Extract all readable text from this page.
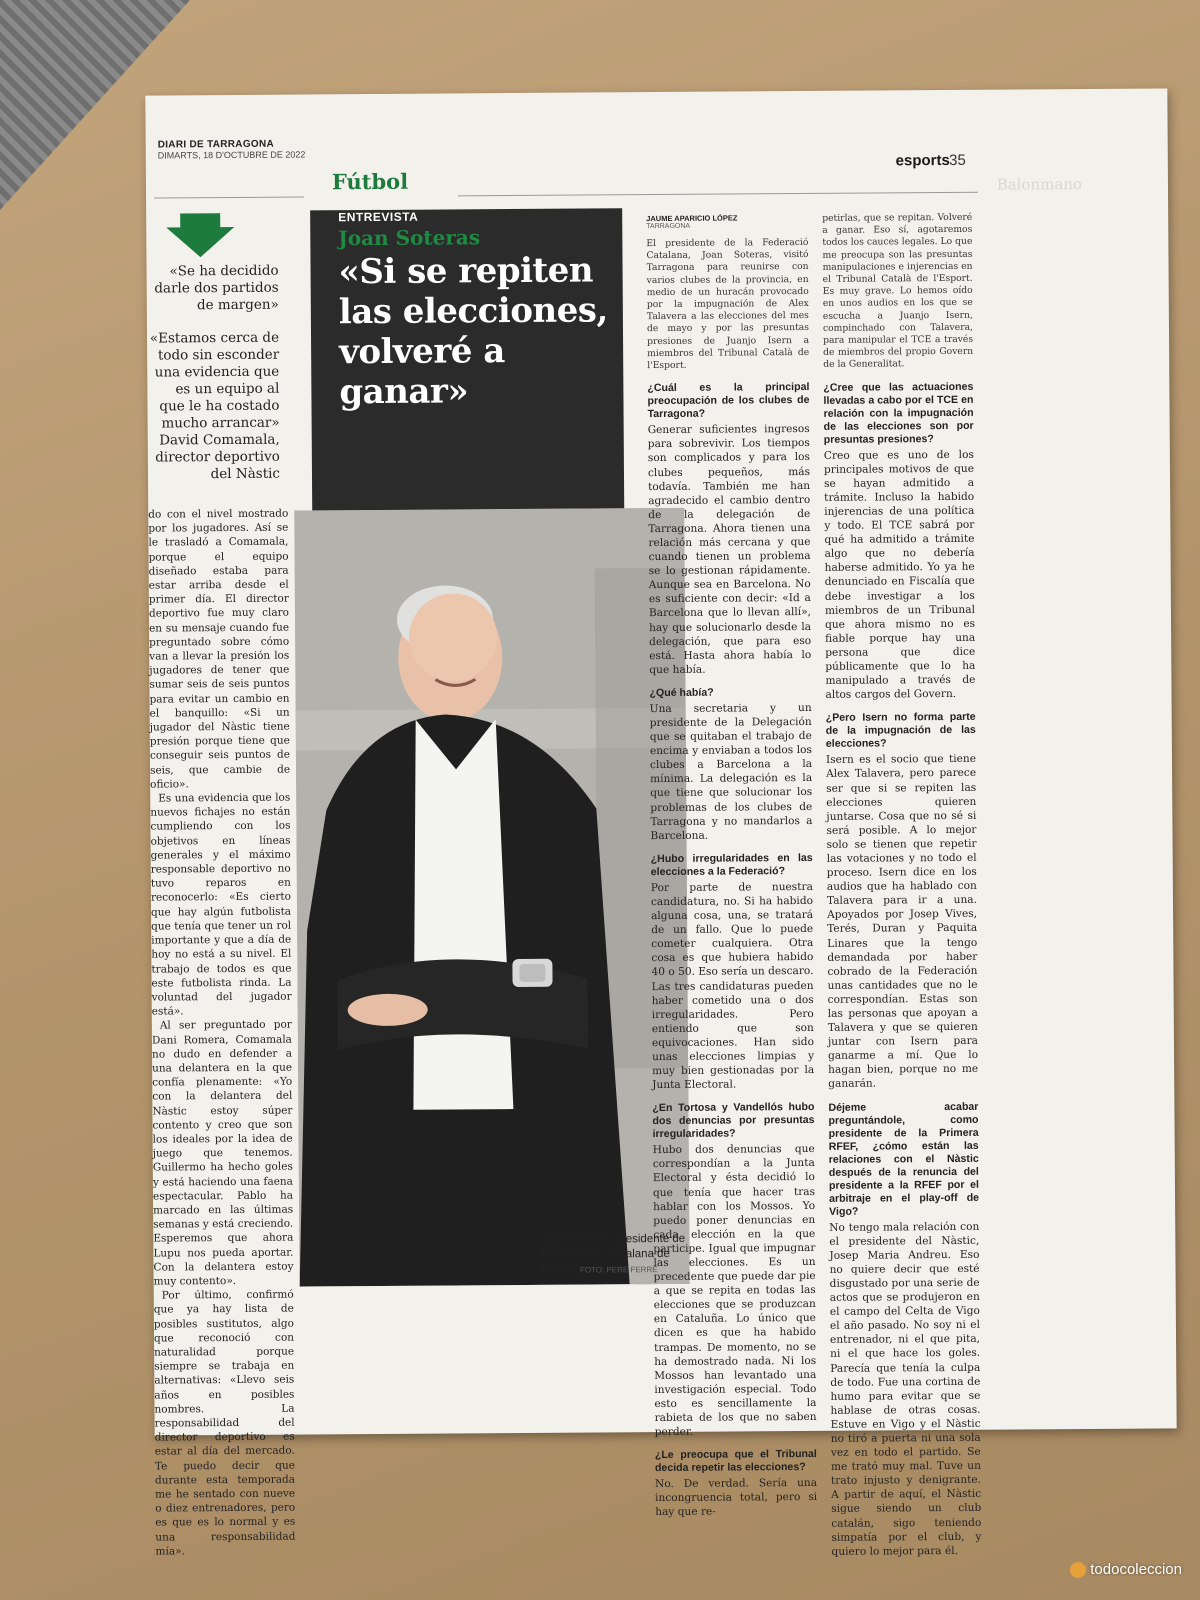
DIARI DE TARRAGONA
DIMARTS, 18 D'OCTUBRE DE 2022
Fútbol	Balonmano
esports 35

«Se ha decidido darle dos partidos de margen»

«Estamos cerca de todo sin esconder una evidencia que es un equipo al que le ha costado mucho arrancar»

David Comamala, director deportivo del Nàstic

do con el nivel mostrado por los jugadores. Así se le trasladó a Comamala, porque el equipo diseñado estaba para estar arriba desde el primer día. El director deportivo fue muy claro en su mensaje cuando fue preguntado sobre cómo van a llevar la presión los jugadores de tener que sumar seis de seis puntos para evitar un cambio en el banquillo: «Si un jugador del Nàstic tiene presión porque tiene que conseguir seis puntos de seis, que cambie de oficio».

Es una evidencia que los nuevos fichajes no están cumpliendo con los objetivos en líneas generales y el máximo responsable deportivo no tuvo reparos en reconocerlo: «Es cierto que hay algún futbolista que tenía que tener un rol importante y que a día de hoy no está a su nivel. El trabajo de todos es que este futbolista rinda. La voluntad del jugador está».

Al ser preguntado por Dani Romera, Comamala no dudo en defender a una delantera en la que confía plenamente: «Yo con la delantera del Nàstic estoy súper contento y creo que son los ideales por la idea de juego que tenemos. Guillermo ha hecho goles y está haciendo una faena espectacular. Pablo ha marcado en las últimas semanas y está creciendo. Esperemos que ahora Lupu nos pueda aportar. Con la delantera estoy muy contento».

Por último, confirmó que ya hay lista de posibles sustitutos, algo que reconoció con naturalidad porque siempre se trabaja en alternativas: «Llevo seis años en posibles nombres. La responsabilidad del director deportivo es estar al día del mercado. Te puedo decir que durante esta temporada me he sentado con nueve o diez entrenadores, pero es que es lo normal y es una responsabilidad mía».

ENTREVISTA
Joan Soteras
«Si se repiten las elecciones, volveré a ganar»
Joan Soteras, presidente de la Federació Catalana de Futbol. FOTO: PERE FERRÉ
JAUME APARICIO LÓPEZ
TARRAGONA

El presidente de la Federació Catalana, Joan Soteras, visitó Tarragona para reunirse con varios clubes de la provincia, en medio de un huracán provocado por la impugnación de Alex Talavera a las elecciones del mes de mayo y por las presuntas presiones de Juanjo Isern a miembros del Tribunal Català de l'Esport.

¿Cuál es la principal preocupación de los clubes de Tarragona?

Generar suficientes ingresos para sobrevivir. Los tiempos son complicados y para los clubes pequeños, más todavía. También me han agradecido el cambio dentro de la delegación de Tarragona. Ahora tienen una relación más cercana y que cuando tienen un problema se lo gestionan rápidamente. Aunque sea en Barcelona. No es suficiente con decir: «Id a Barcelona que lo llevan allí», hay que solucionarlo desde la delegación, que para eso está. Hasta ahora había lo que había.

¿Qué había?

Una secretaria y un presidente de la Delegación que se quitaban el trabajo de encima y enviaban a todos los clubes a Barcelona a la mínima. La delegación es la que tiene que solucionar los problemas de los clubes de Tarragona y no mandarlos a Barcelona.

¿Hubo irregularidades en las elecciones a la Federació?

Por parte de nuestra candidatura, no. Si ha habido alguna cosa, una, se tratará de un fallo. Que lo puede cometer cualquiera. Otra cosa es que hubiera habido 40 o 50. Eso sería un descaro. Las tres candidaturas pueden haber cometido una o dos irregularidades. Pero entiendo que son equivocaciones. Han sido unas elecciones limpias y muy bien gestionadas por la Junta Electoral.

¿En Tortosa y Vandellós hubo dos denuncias por presuntas irregularidades?

Hubo dos denuncias que correspondían a la Junta Electoral y ésta decidió lo que tenía que hacer tras hablar con los Mossos. Yo puedo poner denuncias en cada elección en la que participe. Igual que impugnar las elecciones. Es un precedente que puede dar pie a que se repita en todas las elecciones que se produzcan en Cataluña. Lo único que dicen es que ha habido trampas. De momento, no se ha demostrado nada. Ni los Mossos han levantado una investigación especial. Todo esto es sencillamente la rabieta de los que no saben perder.

¿Le preocupa que el Tribunal decida repetir las elecciones?

No. De verdad. Sería una incongruencia total, pero si hay que re-

petirlas, que se repitan. Volveré a ganar. Eso sí, agotaremos todos los cauces legales. Lo que me preocupa son las presuntas manipulaciones e injerencias en el Tribunal Català de l'Esport. Es muy grave. Lo hemos oído en unos audios en los que se escucha a Juanjo Isern, compinchado con Talavera, para manipular el TCE a través de miembros del propio Govern de la Generalitat.

¿Cree que las actuaciones llevadas a cabo por el TCE en relación con la impugnación de las elecciones son por presuntas presiones?

Creo que es uno de los principales motivos de que se hayan admitido a trámite. Incluso la habido injerencias de una política y todo. El TCE sabrá por qué ha admitido a trámite algo que no debería haberse admitido. Yo ya he denunciado en Fiscalía que debe investigar a los miembros de un Tribunal que ahora mismo no es fiable porque hay una persona que dice públicamente que lo ha manipulado a través de altos cargos del Govern.

¿Pero Isern no forma parte de la impugnación de las elecciones?

Isern es el socio que tiene Alex Talavera, pero parece ser que si se repiten las elecciones quieren juntarse. Cosa que no sé si será posible. A lo mejor solo se tienen que repetir las votaciones y no todo el proceso. Isern dice en los audios que ha hablado con Talavera para ir a una. Apoyados por Josep Vives, Terés, Duran y Paquita Linares que la tengo demandada por haber cobrado de la Federación unas cantidades que no le correspondían. Estas son las personas que apoyan a Talavera y que se quieren juntar con Isern para ganarme a mí. Que lo hagan bien, porque no me ganarán.

Déjeme acabar preguntándole, como presidente de la Primera RFEF, ¿cómo están las relaciones con el Nàstic después de la renuncia del presidente a la RFEF por el arbitraje en el play-off de Vigo?

No tengo mala relación con el presidente del Nàstic, Josep Maria Andreu. Eso no quiere decir que esté disgustado por una serie de actos que se produjeron en el campo del Celta de Vigo el año pasado. No soy ni el entrenador, ni el que pita, ni el que hace los goles. Parecía que tenía la culpa de todo. Fue una cortina de humo para evitar que se hablase de otras cosas. Estuve en Vigo y el Nàstic no tiró a puerta ni una sola vez en todo el partido. Se me trató muy mal. Tuve un trato injusto y denigrante. A partir de aquí, el Nàstic sigue siendo un club catalán, sigo teniendo simpatía por el club, y quiero lo mejor para él.

todocoleccion
